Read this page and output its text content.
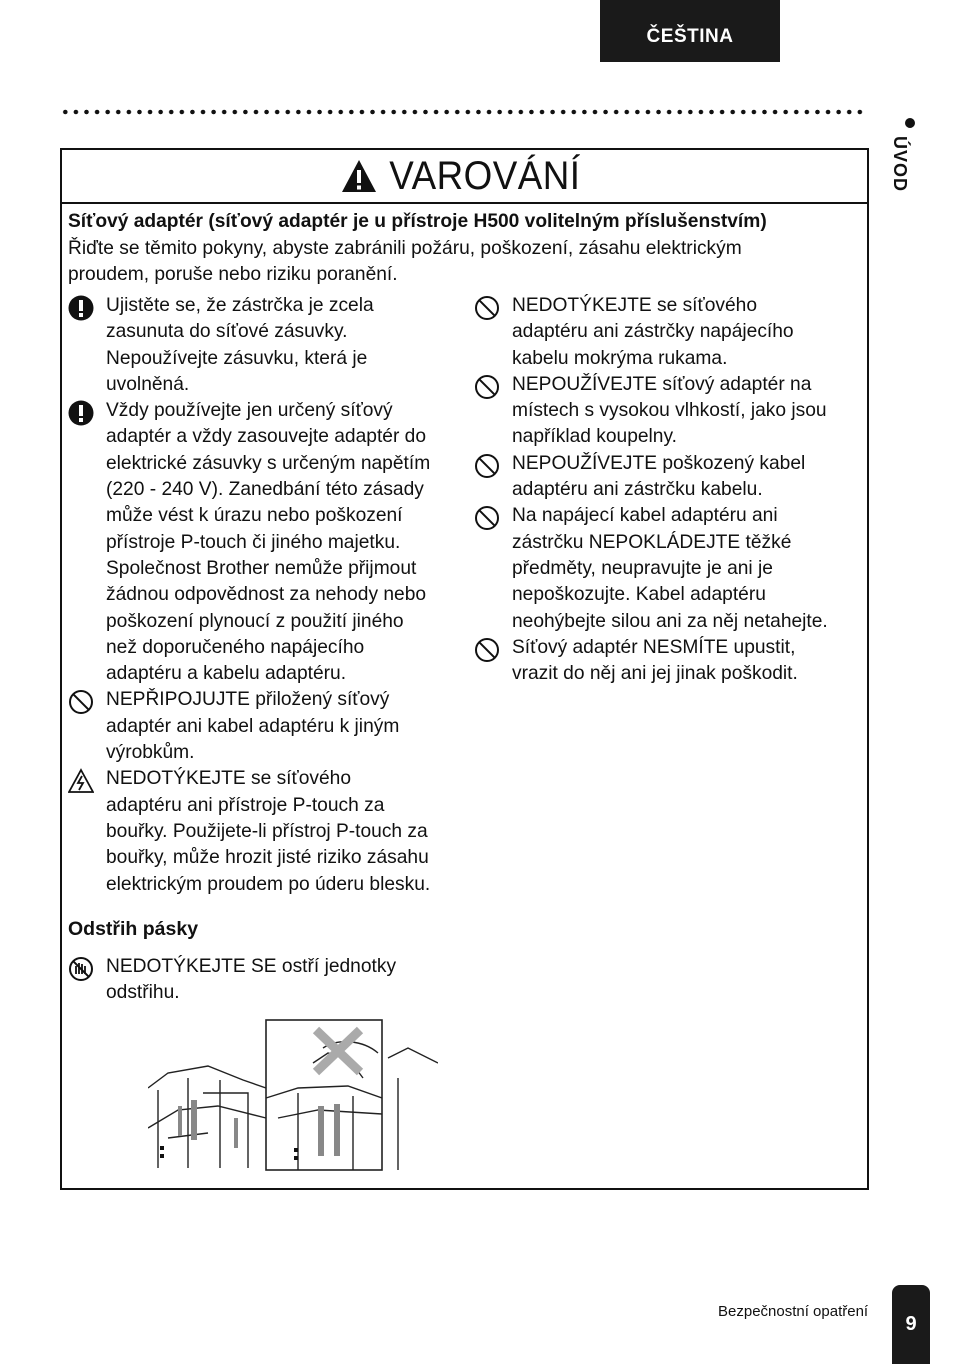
ČEŠTINA
ÚVOD
VAROVÁNÍ

Síťový adaptér (síťový adaptér je u přístroje H500 volitelným příslušenstvím)

Řiďte se těmito pokyny, abyste zabránili požáru, poškození, zásahu elektrickým

proudem, poruše nebo riziku poranění.

Ujistěte se, že zástrčka je zcela

zasunuta do síťové zásuvky.

Nepoužívejte zásuvku, která je

uvolněná.

Vždy používejte jen určený síťový

adaptér a vždy zasouvejte adaptér do

elektrické zásuvky s určeným napětím

(220 - 240 V). Zanedbání této zásady

může vést k úrazu nebo poškození

přístroje P-touch či jiného majetku.

Společnost Brother nemůže přijmout

žádnou odpovědnost za nehody nebo

poškození plynoucí z použití jiného

než doporučeného napájecího

adaptéru a kabelu adaptéru.

NEPŘIPOJUJTE přiložený síťový

adaptér ani kabel adaptéru k jiným

výrobkům.

NEDOTÝKEJTE se síťového

adaptéru ani přístroje P-touch za

bouřky. Použijete-li přístroj P-touch za

bouřky, může hrozit jisté riziko zásahu

elektrickým proudem po úderu blesku.

Odstřih pásky

NEDOTÝKEJTE SE ostří jednotky

odstřihu.

NEDOTÝKEJTE se síťového

adaptéru ani zástrčky napájecího

kabelu mokrýma rukama.

NEPOUŽÍVEJTE síťový adaptér na

místech s vysokou vlhkostí, jako jsou

například koupelny.

NEPOUŽÍVEJTE poškozený kabel

adaptéru ani zástrčku kabelu.

Na napájecí kabel adaptéru ani

zástrčku NEPOKLÁDEJTE těžké

předměty, neupravujte je ani je

nepoškozujte. Kabel adaptéru

neohýbejte silou ani za něj netahejte.

Síťový adaptér NESMÍTE upustit,

vrazit do něj ani jej jinak poškodit.

Bezpečnostní opatření
9
